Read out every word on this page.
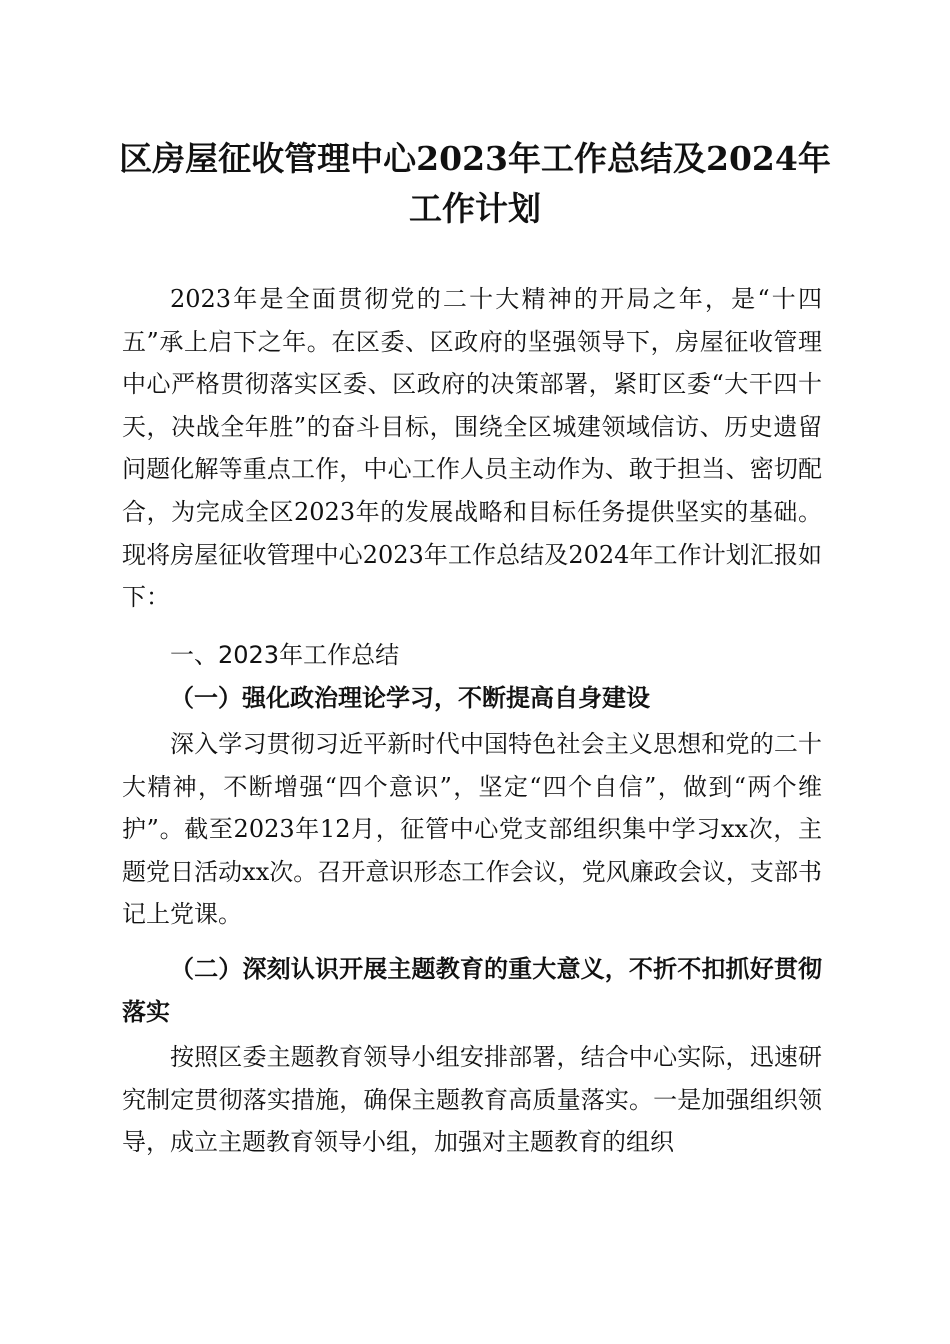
区房屋征收管理中心2023年工作总结及2024年工作计划

2023年是全面贯彻党的二十大精神的开局之年，是“十四五”承上启下之年。在区委、区政府的坚强领导下，房屋征收管理中心严格贯彻落实区委、区政府的决策部署，紧盯区委“大干四十天，决战全年胜”的奋斗目标，围绕全区城建领域信访、历史遗留问题化解等重点工作，中心工作人员主动作为、敢于担当、密切配合，为完成全区2023年的发展战略和目标任务提供坚实的基础。现将房屋征收管理中心2023年工作总结及2024年工作计划汇报如下：

一、2023年工作总结

（一）强化政治理论学习，不断提高自身建设

深入学习贯彻习近平新时代中国特色社会主义思想和党的二十大精神，不断增强“四个意识”，坚定“四个自信”，做到“两个维护”。截至2023年12月，征管中心党支部组织集中学习xx次，主题党日活动xx次。召开意识形态工作会议，党风廉政会议，支部书记上党课。

（二）深刻认识开展主题教育的重大意义，不折不扣抓好贯彻落实

按照区委主题教育领导小组安排部署，结合中心实际，迅速研究制定贯彻落实措施，确保主题教育高质量落实。一是加强组织领导，成立主题教育领导小组，加强对主题教育的组织
